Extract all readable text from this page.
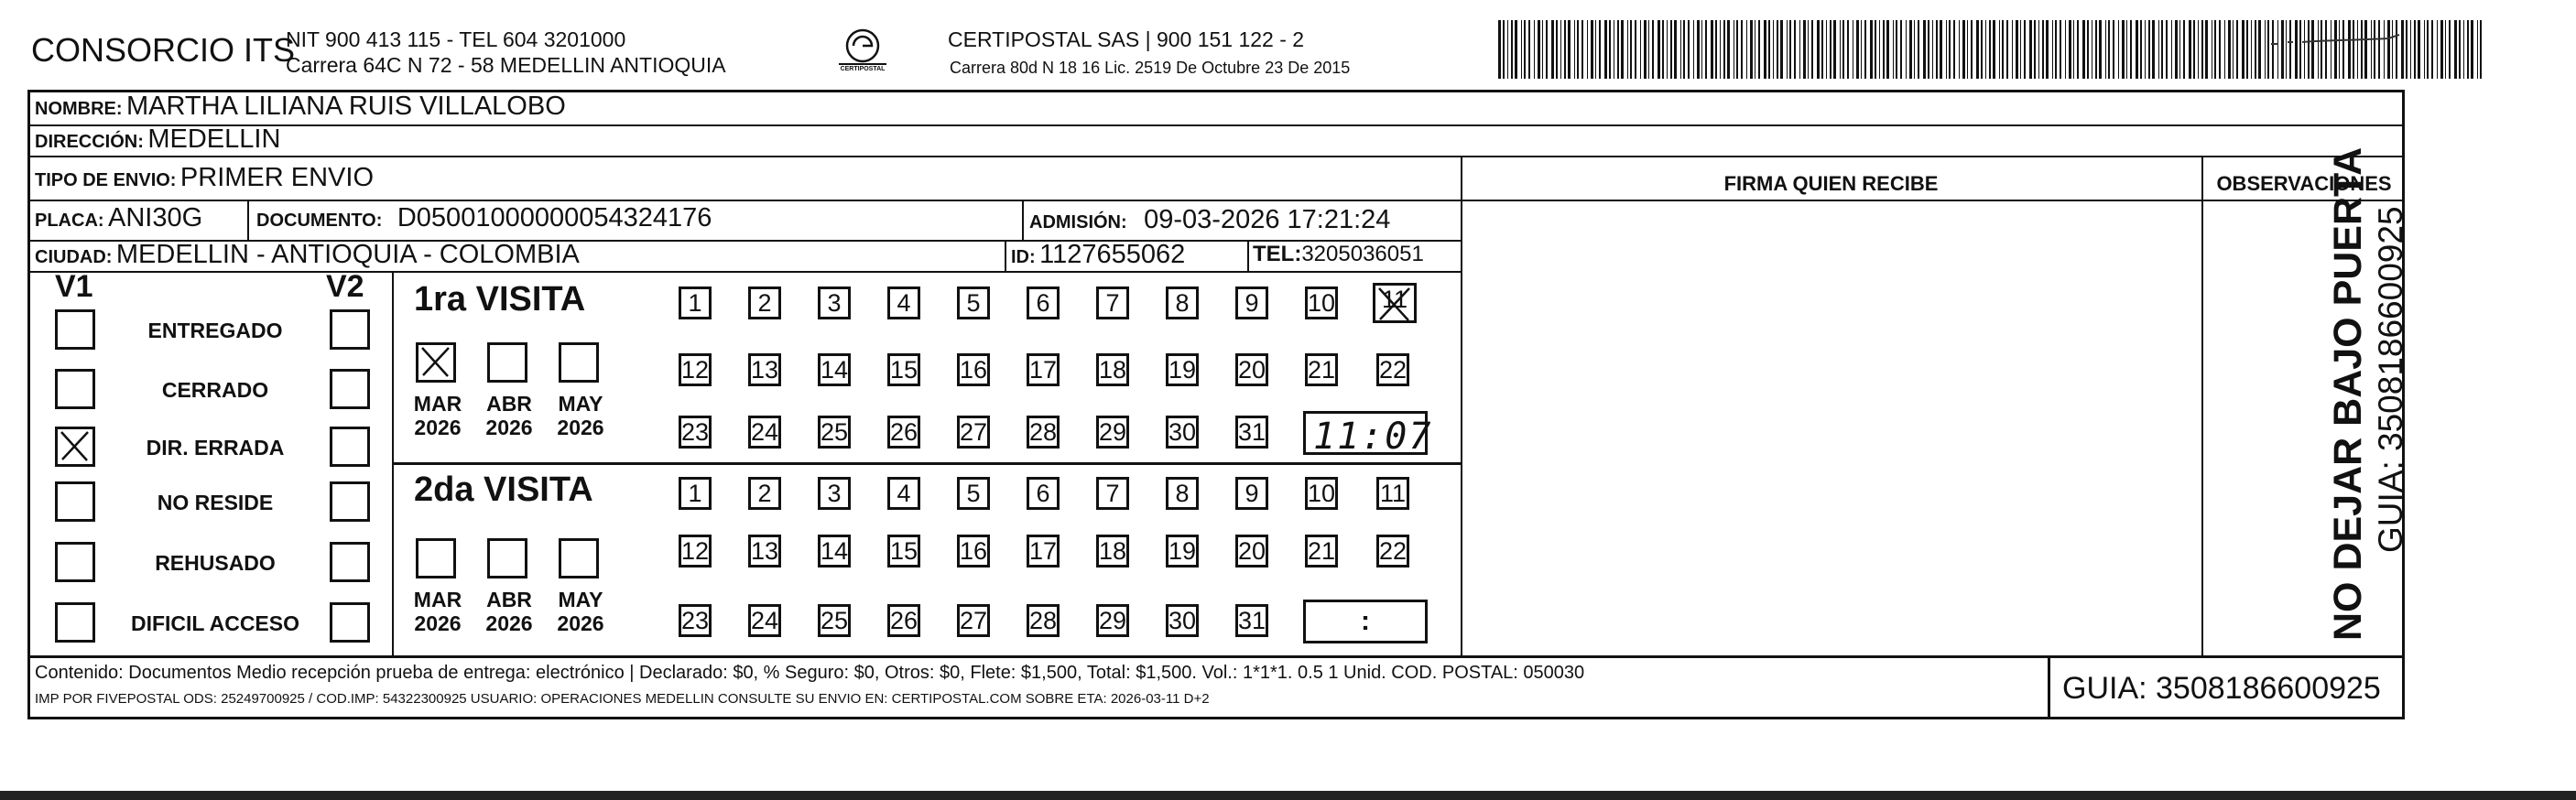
CONSORCIO ITS
NIT 900 413 115 - TEL 604 3201000
Carrera 64C N 72 - 58 MEDELLIN ANTIOQUIA	CERTIPOSTAL
CERTIPOSTAL SAS | 900 151 122 - 2
Carrera 80d N 18 16 Lic. 2519 De Octubre 23 De 2015
NOMBRE: MARTHA LILIANA RUIS VILLALOBO
DIRECCIÓN: MEDELLIN
TIPO DE ENVIO: PRIMER ENVIO
PLACA: ANI30G	DOCUMENTO: D05001000000054324176	ADMISIÓN: 09-03-2026 17:21:24
CIUDAD: MEDELLIN - ANTIOQUIA - COLOMBIA	ID: 1127655062	TEL:3205036051
FIRMA QUIEN RECIBE	OBSERVACIONES
V1	V2
ENTREGADO
CERRADO
DIR. ERRADA
NO RESIDE
REHUSADO
DIFICIL ACCESO
1ra VISITA
MAR
2026
ABR
2026
MAY
2026
1	2	3	4	5	6	7	8	9	10	11
12 13 14 15 16 17 18 19 20 21 22
23 24 25 26 27 28 29 30 31 11:07
2da VISITA
MAR
2026
ABR
2026
MAY
2026
1	2	3	4	5	6	7	8	9	10 11
12 13 14 15 16 17 18 19 20 21 22
23 24 25 26 27 28 29 30 31	:
Contenido: Documentos Medio recepción prueba de entrega: electrónico | Declarado: $0, % Seguro: $0, Otros: $0, Flete: $1,500, Total: $1,500. Vol.: 1*1*1. 0.5 1 Unid. COD. POSTAL: 050030
IMP POR FIVEPOSTAL ODS: 25249700925 / COD.IMP: 54322300925 USUARIO: OPERACIONES MEDELLIN CONSULTE SU ENVIO EN: CERTIPOSTAL.COM SOBRE ETA: 2026-03-11 D+2	GUIA: 3508186600925
NO DEJAR BAJO PUERTA GUIA: 3508186600925
